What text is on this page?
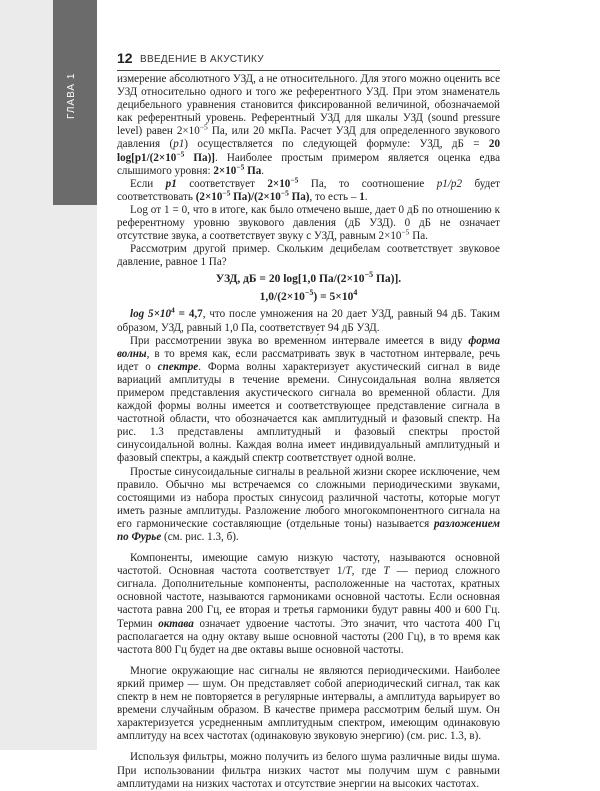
ГЛАВА 1
12 ВВЕДЕНИЕ В АКУСТИКУ

измерение абсолютного УЗД, а не относительного. Для этого можно оценить все УЗД относительно одного и того же референтного УЗД. При этом знаменатель децибельного уравнения становится фиксированной величиной, обозначаемой как референтный уровень. Референтный УЗД для шкалы УЗД (sound pressure level) равен $2\times 10^{-5}$ Па, или 20 мкПа. Расчет УЗД для определенного звукового давления (p1) осуществляется по следующей формуле: УЗД, дБ = 20 $\log[p1/(2\times 10^{-5}$ Па)]. Наиболее простым примером является оценка едва слышимого уровня: $2\times 10^{-5}$ Па.

Если p1 соответствует $2\times 10^{-5}$ Па, то соотношение p1/p2 будет соответствовать ($2\times 10^{-5}$ $Па)/(2\times 10^{-5}$ Па), то есть – 1.

Log от 1 = 0, что в итоге, как было отмечено выше, дает 0 дБ по отношению к референтному уровню звукового давления (дБ УЗД). 0 дБ не означает отсутствие звука, а соответствует звуку с УЗД, равным $2\times 10^{-5}$ Па.

Рассмотрим другой пример. Скольким децибелам соответствует звуковое давление, равное 1 Па?

УЗД, дБ = 20 log[1,0 $Па/(2\times 10^{-5}$ Па)].
$1,0/(2\times 10^{-5}) = 5\times 10^4$

$\log 5\times 10^4 = 4,7$, что после умножения на 20 дает УЗД, равный 94 дБ. Таким образом, УЗД, равный 1,0 Па, соответствует 94 дБ УЗД.

При рассмотрении звука во временно́м интервале имеется в виду форма волны, в то время как, если рассматривать звук в частотном интервале, речь идет о спектре. Форма волны характеризует акустический сигнал в виде вариаций амплитуды в течение времени. Синусоидальная волна является примером представления акустического сигнала во временной области. Для каждой формы волны имеется и соответствующее представление сигнала в частотной области, что обозначается как амплитудный и фазовый спектр. На рис. 1.3 представлены амплитудный и фазовый спектры простой синусоидальной волны. Каждая волна имеет индивидуальный амплитудный и фазовый спектры, а каждый спектр соответствует одной волне.

Простые синусоидальные сигналы в реальной жизни скорее исключение, чем правило. Обычно мы встречаемся со сложными периодическими звуками, состоящими из набора простых синусоид различной частоты, которые могут иметь разные амплитуды. Разложение любого многокомпонентного сигнала на его гармонические составляющие (отдельные тоны) называется разложением по Фурье (см. рис. 1.3, б).

Компоненты, имеющие самую низкую частоту, называются основной частотой. Основная частота соответствует 1/T, где T — период сложного сигнала. Дополнительные компоненты, расположенные на частотах, кратных основной частоте, называются гармониками основной частоты. Если основная частота равна 200 Гц, ее вторая и третья гармоники будут равны 400 и 600 Гц. Термин октава означает удвоение частоты. Это значит, что частота 400 Гц располагается на одну октаву выше основной частоты (200 Гц), в то время как частота 800 Гц будет на две октавы выше основной частоты.

Многие окружающие нас сигналы не являются периодическими. Наиболее яркий пример — шум. Он представляет собой апериодический сигнал, так как спектр в нем не повторяется в регулярные интервалы, а амплитуда варьирует во времени случайным образом. В качестве примера рассмотрим белый шум. Он характеризуется усредненным амплитудным спектром, имеющим одинаковую амплитуду на всех частотах (одинаковую звуковую энергию) (см. рис. 1.3, в).

Используя фильтры, можно получить из белого шума различные виды шума. При использовании фильтра низких частот мы получим шум с равными амплитудами на низких частотах и отсутствие энергии на высоких частотах.
